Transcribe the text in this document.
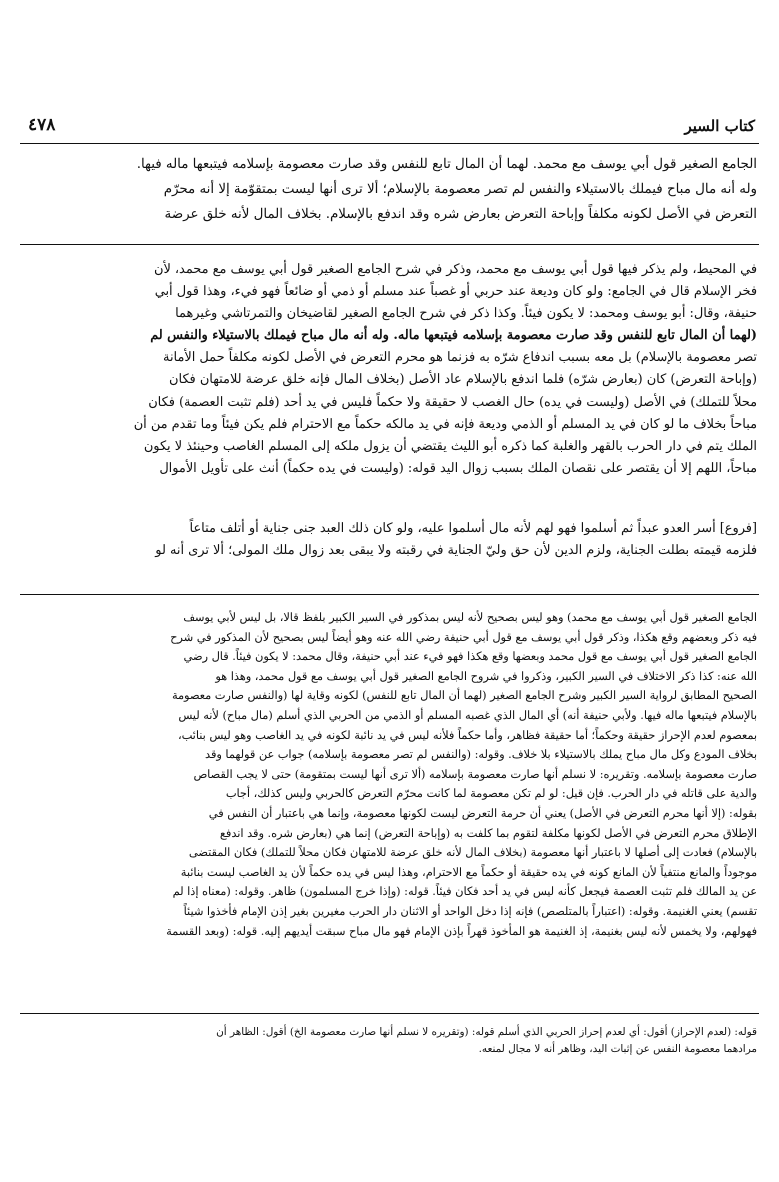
كتاب السير
٤٧٨
الجامع الصغير قول أبي يوسف مع محمد. لهما أن المال تابع للنفس وقد صارت معصومة بإسلامه فيتبعها ماله فيها.
وله أنه مال مباح فيملك بالاستيلاء والنفس لم تصر معصومة بالإسلام؛ ألا ترى أنها ليست بمتقوّمة إلا أنه محرّم
التعرض في الأصل لكونه مكلفاً وإباحة التعرض بعارض شره وقد اندفع بالإسلام. بخلاف المال لأنه خلق عرضة
في المحيط، ولم يذكر فيها قول أبي يوسف مع محمد، وذكر في شرح الجامع الصغير قول أبي يوسف مع محمد، لأن
فخر الإسلام قال في الجامع: ولو كان وديعة عند حربي أو غصباً عند مسلم أو ذمي أو ضائعاً فهو فيء، وهذا قول أبي
حنيفة، وقال: أبو يوسف ومحمد: لا يكون فيئاً. وكذا ذكر في شرح الجامع الصغير لقاضيخان والتمرتاشي وغيرهما
(لهما أن المال تابع للنفس وقد صارت معصومة بإسلامه فيتبعها ماله. وله أنه مال مباح فيملك بالاستيلاء والنفس لم
تصر معصومة بالإسلام) بل معه بسبب اندفاع شرّه به فزنما هو محرم التعرض في الأصل لكونه مكلفاً حمل الأمانة
(وإباحة التعرض) كان (بعارض شرّه) فلما اندفع بالإسلام عاد الأصل (بخلاف المال فإنه خلق عرضة للامتهان فكان
محلاً للتملك) في الأصل (وليست في يده) حال الغصب لا حقيقة ولا حكماً فليس في يد أحد (فلم تثبت العصمة) فكان
مباحاً بخلاف ما لو كان في يد المسلم أو الذمي وديعة فإنه في يد مالكه حكماً مع الاحترام فلم يكن فيئاً وما تقدم من أن
الملك يتم في دار الحرب بالقهر والغلبة كما ذكره أبو الليث يقتضي أن يزول ملكه إلى المسلم الغاصب وحينئذ لا يكون
مباحاً، اللهم إلا أن يقتصر على نقصان الملك بسبب زوال اليد قوله: (وليست في يده حكماً) أنث على تأويل الأموال
[فروع] أسر العدو عبداً ثم أسلموا فهو لهم لأنه مال أسلموا عليه، ولو كان ذلك العبد جنى جناية أو أتلف متاعاً
فلزمه قيمته بطلت الجناية، ولزم الدين لأن حق وليّ الجناية في رقبته ولا يبقى بعد زوال ملك المولى؛ ألا ترى أنه لو
الجامع الصغير قول أبي يوسف مع محمد) وهو ليس بصحيح لأنه ليس بمذكور في السير الكبير بلفظ قالا، بل ليس لأبي يوسف
فيه ذكر وبعضهم وقع هكذا، وذكر قول أبي يوسف مع قول أبي حنيفة رضي الله عنه وهو أيضاً ليس بصحيح لأن المذكور في شرح
الجامع الصغير قول أبي يوسف مع قول محمد وبعضها وقع هكذا فهو فيء عند أبي حنيفة، وقال محمد: لا يكون فيئاً. قال رضي
الله عنه: كذا ذكر الاختلاف في السير الكبير، وذكروا في شروح الجامع الصغير قول أبي يوسف مع قول محمد، وهذا هو
الصحيح المطابق لرواية السير الكبير وشرح الجامع الصغير (لهما أن المال تابع للنفس) لكونه وقاية لها (والنفس صارت معصومة
بالإسلام فيتبعها ماله فيها. ولأبي حنيفة أنه) أي المال الذي غصبه المسلم أو الذمي من الحربي الذي أسلم (مال مباح) لأنه ليس
بمعصوم لعدم الإحراز حقيقة وحكماً؛ أما حقيقة فظاهر، وأما حكماً فلأنه ليس في يد نائبة لكونه في يد الغاصب وهو ليس بنائب،
بخلاف المودع وكل مال مباح يملك بالاستيلاء بلا خلاف. وقوله: (والنفس لم تصر معصومة بإسلامه) جواب عن قولهما وقد
صارت معصومة بإسلامه. وتقريره: لا نسلم أنها صارت معصومة بإسلامه (ألا ترى أنها ليست بمتقومة) حتى لا يجب القصاص
والدية على قاتله في دار الحرب. فإن قيل: لو لم تكن معصومة لما كانت محرّم التعرض كالحربي وليس كذلك، أجاب
بقوله: (إلا أنها محرم التعرض في الأصل) يعني أن حرمة التعرض ليست لكونها معصومة، وإنما هي باعتبار أن النفس في
الإطلاق محرم التعرض في الأصل لكونها مكلفة لتقوم بما كلفت به (وإباحة التعرض) إنما هي (بعارض شره. وقد اندفع
بالإسلام) فعادت إلى أصلها لا باعتبار أنها معصومة (بخلاف المال لأنه خلق عرضة للامتهان فكان محلاً للتملك) فكان المقتضى
موجوداً والمانع منتفياً لأن المانع كونه في يده حقيقة أو حكماً مع الاحترام، وهذا ليس في يده حكماً لأن يد الغاصب ليست بنائبة
عن يد المالك فلم تثبت العصمة فيجعل كأنه ليس في يد أحد فكان فيئاً. قوله: (وإذا خرج المسلمون) ظاهر. وقوله: (معناه إذا لم
تقسم) يعني الغنيمة. وقوله: (اعتباراً بالمتلصص) فإنه إذا دخل الواحد أو الاثنان دار الحرب مغيرين بغير إذن الإمام فأخذوا شيئاً
فهولهم، ولا يخمس لأنه ليس بغنيمة، إذ الغنيمة هو المأخوذ قهراً بإذن الإمام فهو مال مباح سبقت أيديهم إليه. قوله: (وبعد القسمة
قوله: (لعدم الإحراز) أقول: أي لعدم إحراز الحربي الذي أسلم قوله: (وتقريره لا نسلم أنها صارت معصومة الخ) أقول: الظاهر أن
مرادهما معصومة النفس عن إثبات اليد، وظاهر أنه لا مجال لمنعه.
